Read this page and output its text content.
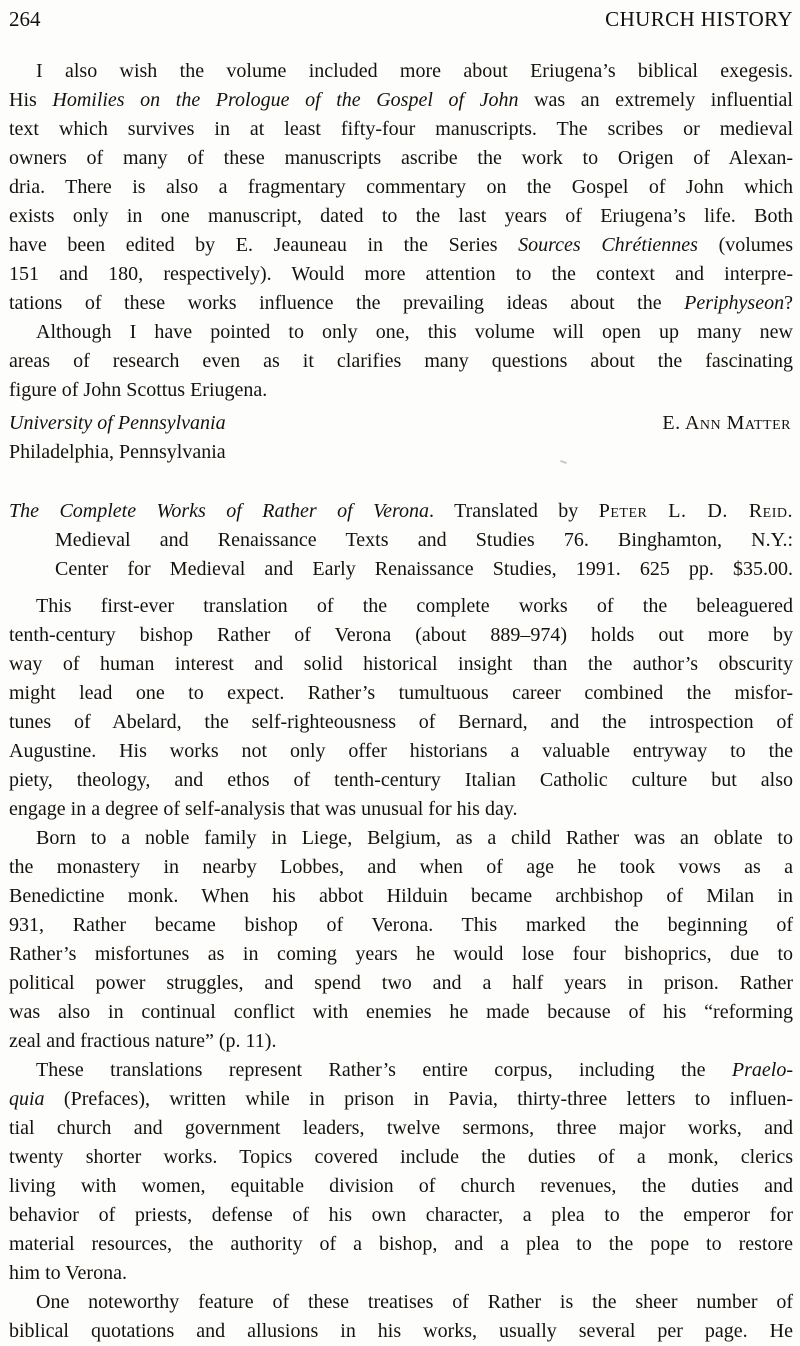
264	CHURCH HISTORY

I also wish the volume included more about Eriugena’s biblical exegesis.
His Homilies on the Prologue of the Gospel of John was an extremely influential
text which survives in at least fifty-four manuscripts. The scribes or medieval
owners of many of these manuscripts ascribe the work to Origen of Alexan-
dria. There is also a fragmentary commentary on the Gospel of John which
exists only in one manuscript, dated to the last years of Eriugena’s life. Both
have been edited by E. Jeauneau in the Series Sources Chrétiennes (volumes
151 and 180, respectively). Would more attention to the context and interpre-
tations of these works influence the prevailing ideas about the Periphyseon?

Although I have pointed to only one, this volume will open up many new
areas of research even as it clarifies many questions about the fascinating
figure of John Scottus Eriugena.

University of Pennsylvania
Philadelphia, Pennsylvania
E. Ann Matter

The Complete Works of Rather of Verona. Translated by Peter L. D. Reid.
Medieval and Renaissance Texts and Studies 76. Binghamton, N.Y.:
Center for Medieval and Early Renaissance Studies, 1991. 625 pp. $35.00.

This first-ever translation of the complete works of the beleaguered
tenth-century bishop Rather of Verona (about 889–974) holds out more by
way of human interest and solid historical insight than the author’s obscurity
might lead one to expect. Rather’s tumultuous career combined the misfor-
tunes of Abelard, the self-righteousness of Bernard, and the introspection of
Augustine. His works not only offer historians a valuable entryway to the
piety, theology, and ethos of tenth-century Italian Catholic culture but also
engage in a degree of self-analysis that was unusual for his day.

Born to a noble family in Liege, Belgium, as a child Rather was an oblate to
the monastery in nearby Lobbes, and when of age he took vows as a
Benedictine monk. When his abbot Hilduin became archbishop of Milan in
931, Rather became bishop of Verona. This marked the beginning of
Rather’s misfortunes as in coming years he would lose four bishoprics, due to
political power struggles, and spend two and a half years in prison. Rather
was also in continual conflict with enemies he made because of his “reforming
zeal and fractious nature” (p. 11).

These translations represent Rather’s entire corpus, including the Praelo-
quia (Prefaces), written while in prison in Pavia, thirty-three letters to influen-
tial church and government leaders, twelve sermons, three major works, and
twenty shorter works. Topics covered include the duties of a monk, clerics
living with women, equitable division of church revenues, the duties and
behavior of priests, defense of his own character, a plea to the emperor for
material resources, the authority of a bishop, and a plea to the pope to restore
him to Verona.

One noteworthy feature of these treatises of Rather is the sheer number of
biblical quotations and allusions in his works, usually several per page. He
